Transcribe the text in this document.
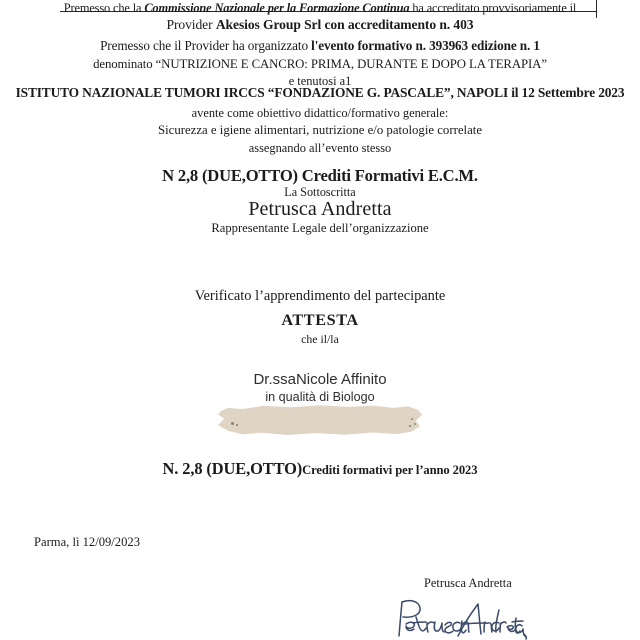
Premesso che la Commissione Nazionale per la Formazione Continua ha accreditato provvisoriamente il
Provider Akesios Group Srl con accreditamento n. 403
Premesso che il Provider ha organizzato l'evento formativo n. 393963 edizione n. 1
denominato “NUTRIZIONE E CANCRO: PRIMA, DURANTE E DOPO LA TERAPIA”
e tenutosi a1
ISTITUTO NAZIONALE TUMORI IRCCS “FONDAZIONE G. PASCALE”, NAPOLI il 12 Settembre 2023
avente come obiettivo didattico/formativo generale:
Sicurezza e igiene alimentari, nutrizione e/o patologie correlate
assegnando all’evento stesso
N 2,8 (DUE,OTTO) Crediti Formativi E.C.M.
La Sottoscritta
Petrusca Andretta
Rappresentante Legale dell’organizzazione
Verificato l’apprendimento del partecipante
ATTESTA
che il/la
Dr.ssaNicole Affinito
in qualità di Biologo
N. 2,8 (DUE,OTTO)Crediti formativi per l’anno 2023
Parma, lì 12/09/2023
Petrusca Andretta
